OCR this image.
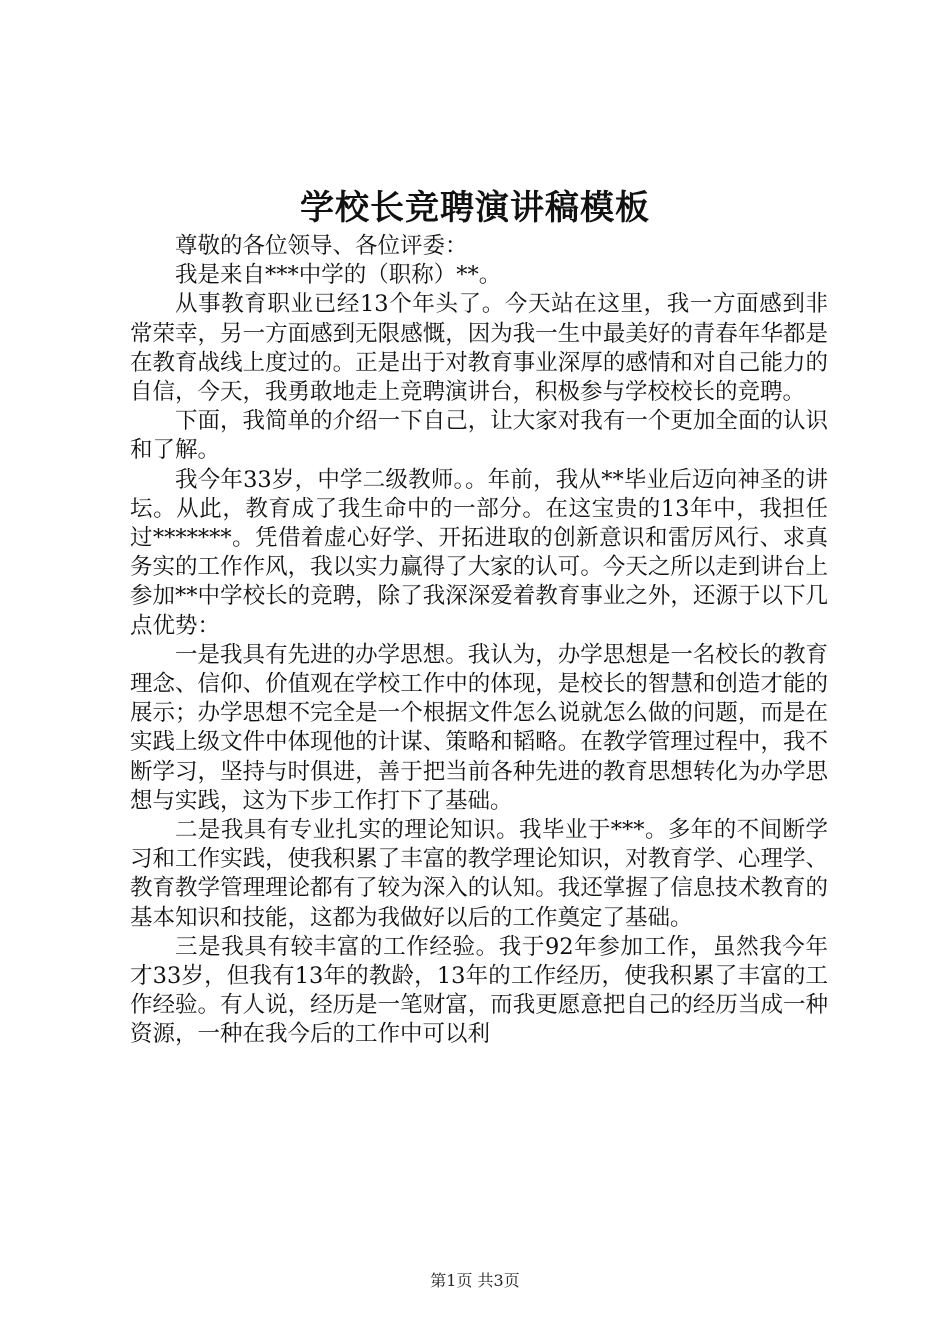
学校长竞聘演讲稿模板

尊敬的各位领导、各位评委：

我是来自***中学的（职称）**。

从事教育职业已经13个年头了。今天站在这里，我一方面感到非常荣幸，另一方面感到无限感慨，因为我一生中最美好的青春年华都是在教育战线上度过的。正是出于对教育事业深厚的感情和对自己能力的自信，今天，我勇敢地走上竞聘演讲台，积极参与学校校长的竞聘。

下面，我简单的介绍一下自己，让大家对我有一个更加全面的认识和了解。

我今年33岁，中学二级教师。。年前，我从**毕业后迈向神圣的讲坛。从此，教育成了我生命中的一部分。在这宝贵的13年中，我担任过*******。凭借着虚心好学、开拓进取的创新意识和雷厉风行、求真务实的工作作风，我以实力赢得了大家的认可。今天之所以走到讲台上参加**中学校长的竞聘，除了我深深爱着教育事业之外，还源于以下几点优势：

一是我具有先进的办学思想。我认为，办学思想是一名校长的教育理念、信仰、价值观在学校工作中的体现，是校长的智慧和创造才能的展示；办学思想不完全是一个根据文件怎么说就怎么做的问题，而是在实践上级文件中体现他的计谋、策略和韬略。在教学管理过程中，我不断学习，坚持与时俱进，善于把当前各种先进的教育思想转化为办学思想与实践，这为下步工作打下了基础。

二是我具有专业扎实的理论知识。我毕业于***。多年的不间断学习和工作实践，使我积累了丰富的教学理论知识，对教育学、心理学、教育教学管理理论都有了较为深入的认知。我还掌握了信息技术教育的基本知识和技能，这都为我做好以后的工作奠定了基础。

三是我具有较丰富的工作经验。我于92年参加工作，虽然我今年才33岁，但我有13年的教龄，13年的工作经历，使我积累了丰富的工作经验。有人说，经历是一笔财富，而我更愿意把自己的经历当成一种资源，一种在我今后的工作中可以利

第1页 共3页
